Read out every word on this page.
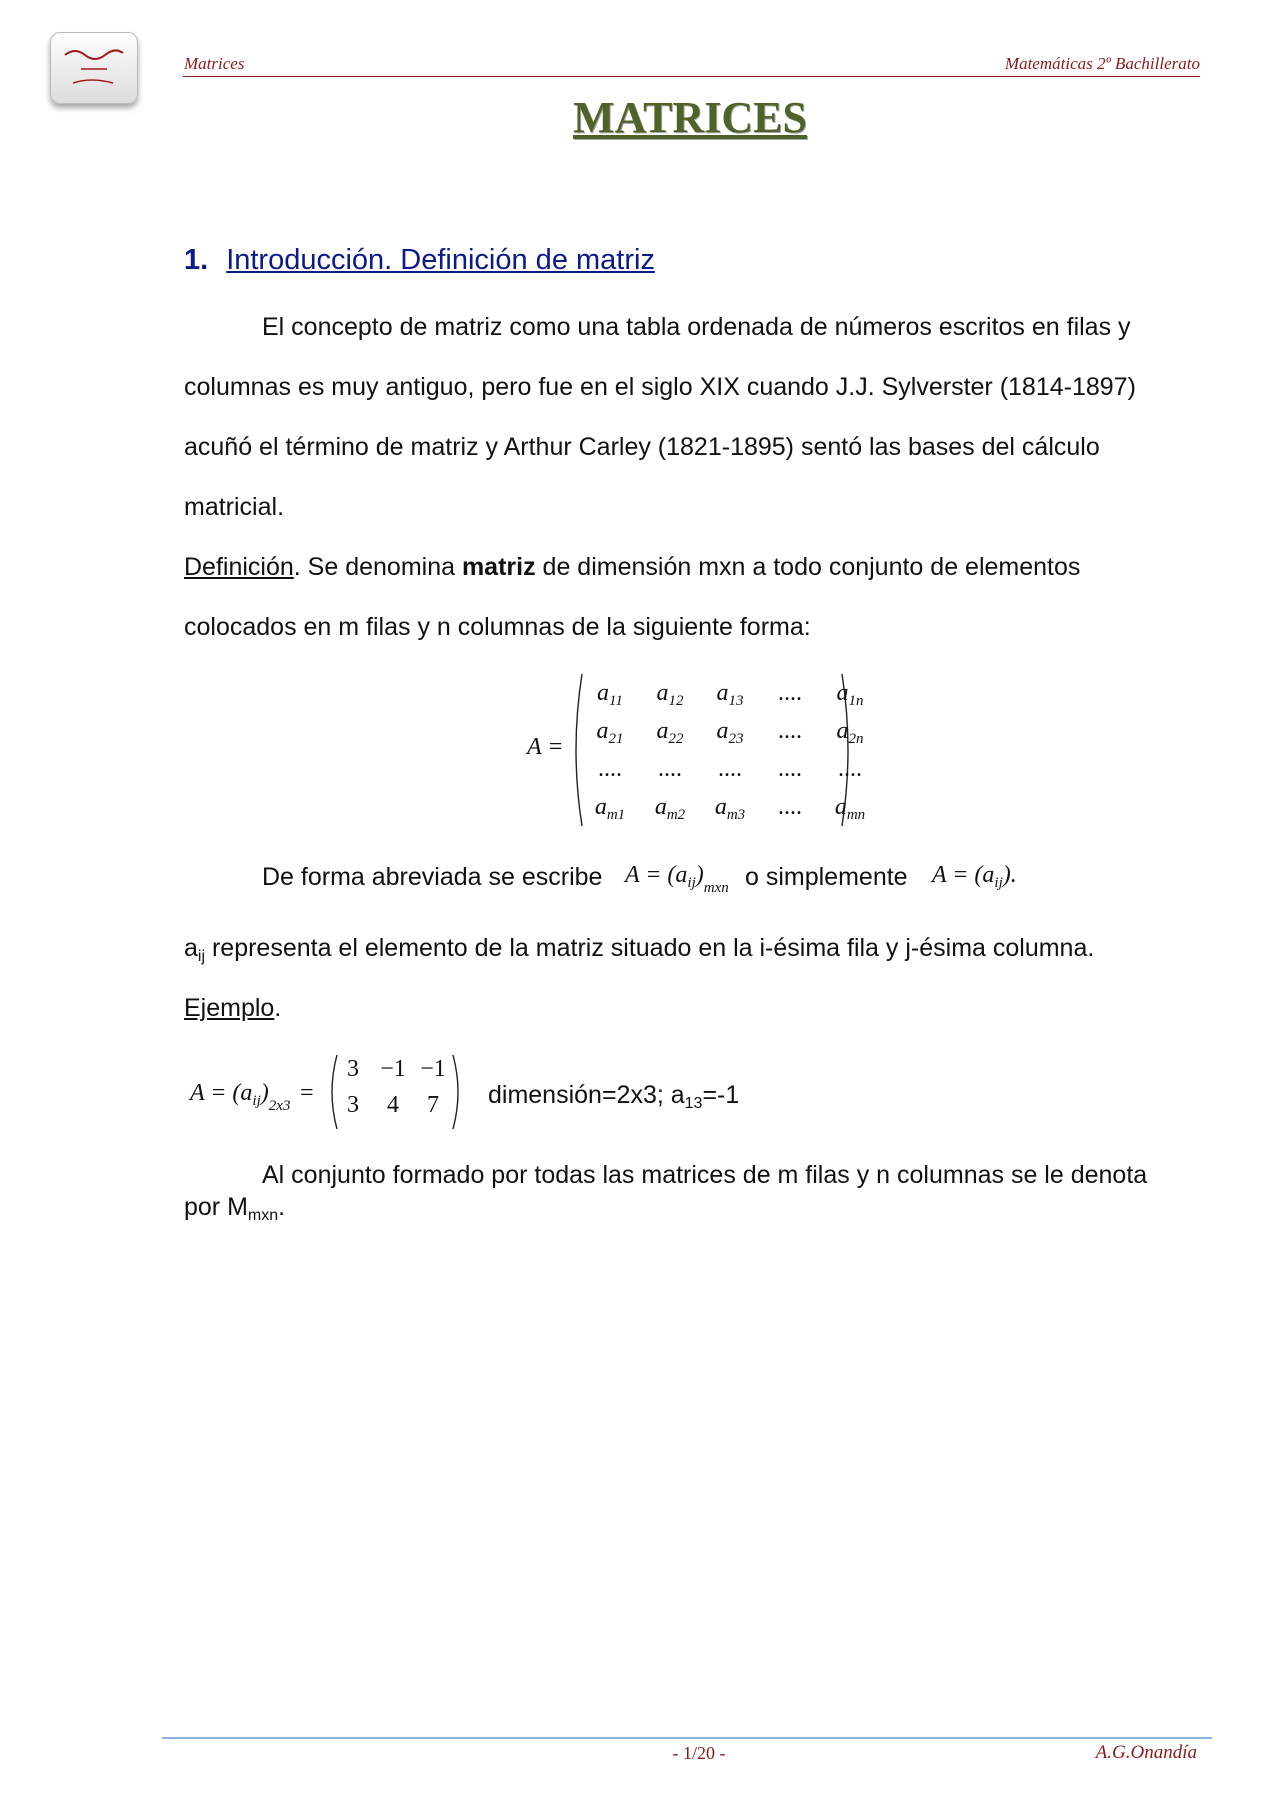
Matrices	Matemáticas 2º Bachillerato
MATRICES
1. Introducción. Definición de matriz
El concepto de matriz como una tabla ordenada de números escritos en filas y
columnas es muy antiguo, pero fue en el siglo XIX cuando J.J. Sylverster (1814-1897)
acuñó el término de matriz y Arthur Carley (1821-1895) sentó las bases del cálculo
matricial.
Definición. Se denomina matriz de dimensión mxn a todo conjunto de elementos
colocados en m filas y n columnas de la siguiente forma:
A =
$a_{11}$ $a_{12}$ $a_{13}$ .... $a_{1n}$
$a_{21}$ $a_{22}$ $a_{23}$ .... $a_{2n}$
.... .... .... .... ....
$a_{m1}$ $a_{m2}$ $a_{m3}$ .... $a_{mn}$
De forma abreviada se escribe $A = (a_{ij})_{mxn}$ o simplemente $A = (a_{ij})$.
$a_{ij}$ representa el elemento de la matriz situado en la i-ésima fila y j-ésima columna.
Ejemplo.
$A = (a_{ij})_{2x3}$ =
3 −1 −1
3 4 7	dimensión=2x3; $a_{13}=-1$
Al conjunto formado por todas las matrices de m filas y n columnas se le denota
por $M_{mxn}$.
- 1/20 -	A.G.Onandía
